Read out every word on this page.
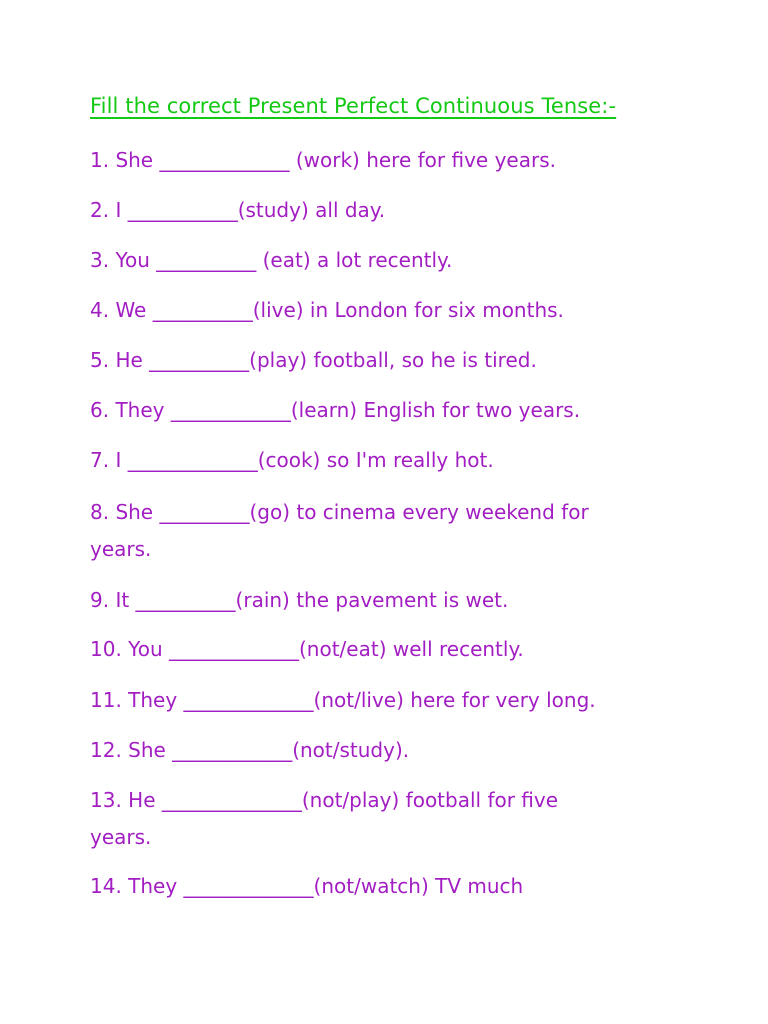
Fill the correct Present Perfect Continuous Tense:-

1. She _____________ (work) here for five years.

2. I ___________(study) all day.

3. You __________ (eat) a lot recently.

4. We __________(live) in London for six months.

5. He __________(play) football, so he is tired.

6. They ____________(learn) English for two years.

7. I _____________(cook) so I'm really hot.

8. She _________(go) to cinema every weekend for

years.

9. It __________(rain) the pavement is wet.

10. You _____________(not/eat) well recently.

11. They _____________(not/live) here for very long.

12. She ____________(not/study).

13. He ______________(not/play) football for five

years.

14. They _____________(not/watch) TV much
